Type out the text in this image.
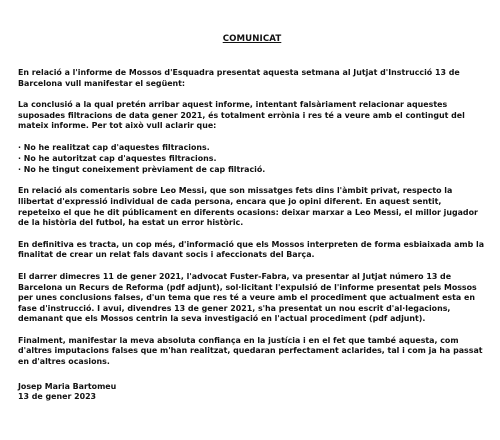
COMUNICAT

En relació a l'informe de Mossos d'Esquadra presentat aquesta setmana al Jutjat d'Instrucció 13 de Barcelona vull manifestar el següent:

La conclusió a la qual pretén arribar aquest informe, intentant falsàriament relacionar aquestes suposades filtracions de data gener 2021, és totalment errònia i res té a veure amb el contingut del mateix informe. Per tot això vull aclarir que:

· No he realitzat cap d'aquestes filtracions.
· No he autoritzat cap d'aquestes filtracions.
· No he tingut coneixement prèviament de cap filtració.

En relació als comentaris sobre Leo Messi, que son missatges fets dins l'àmbit privat, respecto la llibertat d'expressió individual de cada persona, encara que jo opini diferent. En aquest sentit, repeteixo el que he dit públicament en diferents ocasions: deixar marxar a Leo Messi, el millor jugador de la història del futbol, ha estat un error històric.

En definitiva es tracta, un cop més, d'informació que els Mossos interpreten de forma esbiaixada amb la finalitat de crear un relat fals davant socis i afeccionats del Barça.

El darrer dimecres 11 de gener 2021, l'advocat Fuster-Fabra, va presentar al Jutjat número 13 de Barcelona un Recurs de Reforma (pdf adjunt), sol·licitant l'expulsió de l'informe presentat pels Mossos per unes conclusions falses, d'un tema que res té a veure amb el procediment que actualment esta en fase d'instrucció. I avui, divendres 13 de gener 2021, s'ha presentat un nou escrit d'al·legacions, demanant que els Mossos centrin la seva investigació en l'actual procediment (pdf adjunt).

Finalment, manifestar la meva absoluta confiança en la justícia i en el fet que també aquesta, com d'altres imputacions falses que m'han realitzat, quedaran perfectament aclarides, tal i com ja ha passat en d'altres ocasions.

Josep Maria Bartomeu
13 de gener 2023
